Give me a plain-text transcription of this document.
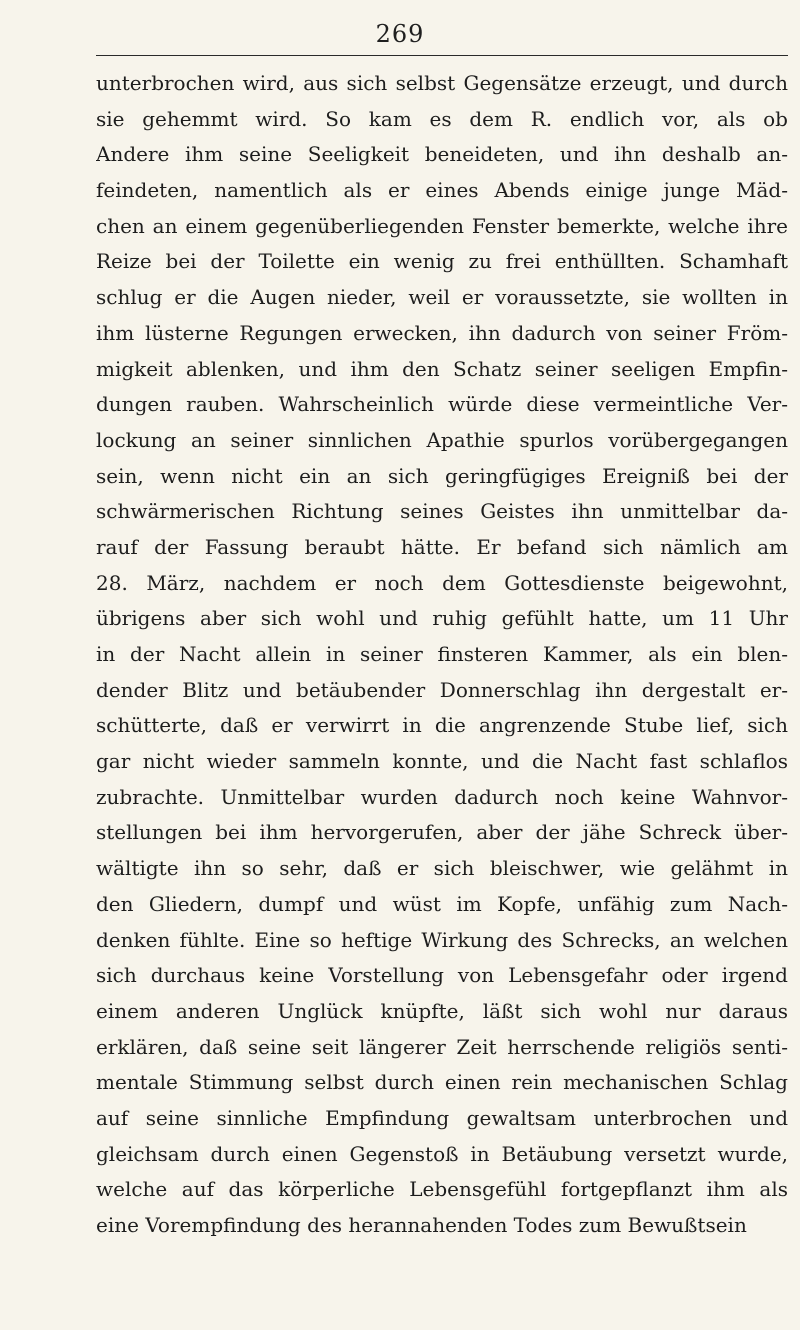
269
unterbrochen wird, aus sich selbst Gegensätze erzeugt, und durch
sie gehemmt wird. So kam es dem R. endlich vor, als ob
Andere ihm seine Seeligkeit beneideten, und ihn deshalb an-
feindeten, namentlich als er eines Abends einige junge Mäd-
chen an einem gegenüberliegenden Fenster bemerkte, welche ihre
Reize bei der Toilette ein wenig zu frei enthüllten. Schamhaft
schlug er die Augen nieder, weil er voraussetzte, sie wollten in
ihm lüsterne Regungen erwecken, ihn dadurch von seiner Fröm-
migkeit ablenken, und ihm den Schatz seiner seeligen Empfin-
dungen rauben. Wahrscheinlich würde diese vermeintliche Ver-
lockung an seiner sinnlichen Apathie spurlos vorübergegangen
sein, wenn nicht ein an sich geringfügiges Ereigniß bei der
schwärmerischen Richtung seines Geistes ihn unmittelbar da-
rauf der Fassung beraubt hätte. Er befand sich nämlich am
28. März, nachdem er noch dem Gottesdienste beigewohnt,
übrigens aber sich wohl und ruhig gefühlt hatte, um 11 Uhr
in der Nacht allein in seiner finsteren Kammer, als ein blen-
dender Blitz und betäubender Donnerschlag ihn dergestalt er-
schütterte, daß er verwirrt in die angrenzende Stube lief, sich
gar nicht wieder sammeln konnte, und die Nacht fast schlaflos
zubrachte. Unmittelbar wurden dadurch noch keine Wahnvor-
stellungen bei ihm hervorgerufen, aber der jähe Schreck über-
wältigte ihn so sehr, daß er sich bleischwer, wie gelähmt in
den Gliedern, dumpf und wüst im Kopfe, unfähig zum Nach-
denken fühlte. Eine so heftige Wirkung des Schrecks, an welchen
sich durchaus keine Vorstellung von Lebensgefahr oder irgend
einem anderen Unglück knüpfte, läßt sich wohl nur daraus
erklären, daß seine seit längerer Zeit herrschende religiös senti-
mentale Stimmung selbst durch einen rein mechanischen Schlag
auf seine sinnliche Empfindung gewaltsam unterbrochen und
gleichsam durch einen Gegenstoß in Betäubung versetzt wurde,
welche auf das körperliche Lebensgefühl fortgepflanzt ihm als
eine Vorempfindung des herannahenden Todes zum Bewußtsein
